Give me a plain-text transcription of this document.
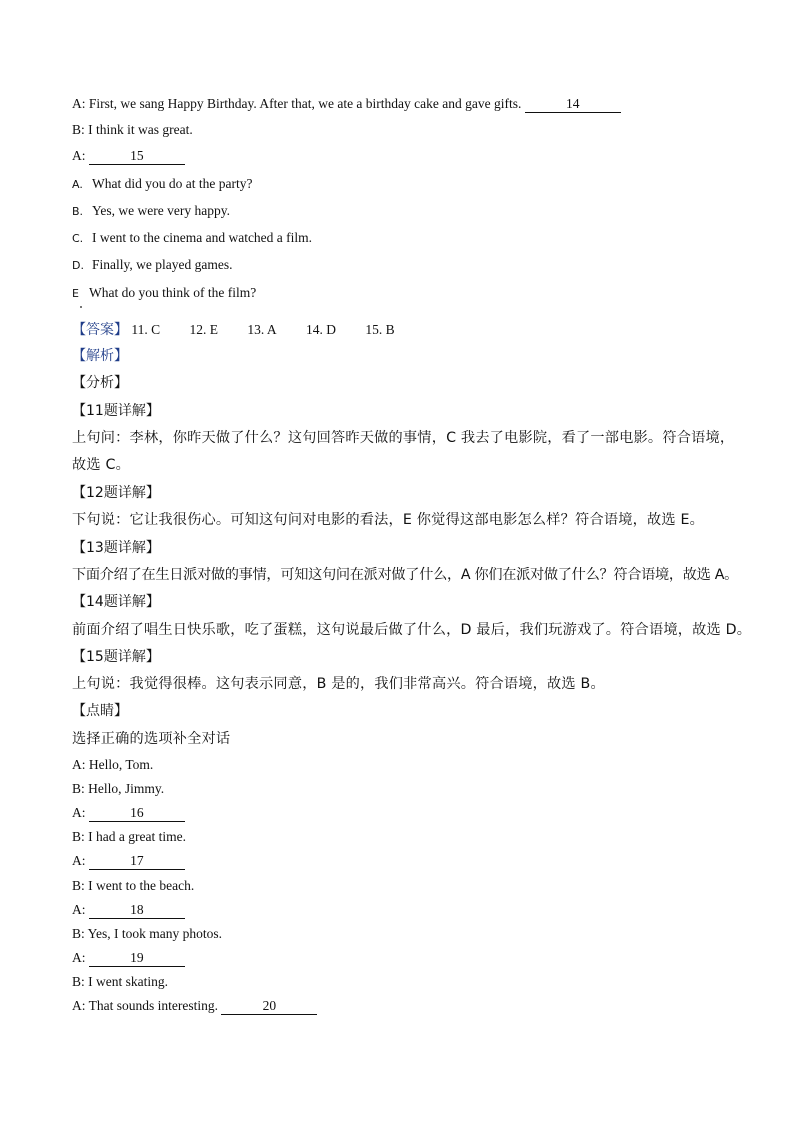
A: First, we sang Happy Birthday. After that, we ate a birthday cake and gave gifts.	14
B: I think it was great.
A:	15
A. What did you do at the party?
B. Yes, we were very happy.
C. I went to the cinema and watched a film.
D. Finally, we played games.
E What do you think of the film?
【答案】 11. C 12. E 13. A 14. D 15. B
【解析】
【分析】
【11题详解】
上句问：李林，你昨天做了什么？这句回答昨天做的事情，C 我去了电影院，看了一部电影。符合语境，
故选 C。
【12题详解】
下句说：它让我很伤心。可知这句问对电影的看法，E 你觉得这部电影怎么样？符合语境，故选 E。
【13题详解】
下面介绍了在生日派对做的事情，可知这句问在派对做了什么，A 你们在派对做了什么？符合语境，故选 A。
【14题详解】
前面介绍了唱生日快乐歌，吃了蛋糕，这句说最后做了什么，D 最后，我们玩游戏了。符合语境，故选 D。
【15题详解】
上句说：我觉得很棒。这句表示同意，B 是的，我们非常高兴。符合语境，故选 B。
【点睛】
选择正确的选项补全对话
A: Hello, Tom.
B: Hello, Jimmy.
A:	16
B: I had a great time.
A:	17
B: I went to the beach.
A:	18
B: Yes, I took many photos.
A:	19
B: I went skating.
A: That sounds interesting.	20
